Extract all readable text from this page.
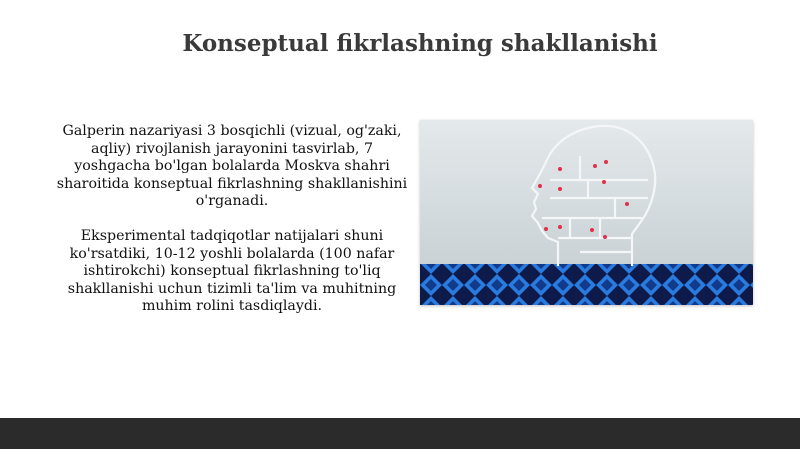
Konseptual fikrlashning shakllanishi

Galperin nazariyasi 3 bosqichli (vizual, og'zaki, aqliy) rivojlanish jarayonini tasvirlab, 7 yoshgacha bo'lgan bolalarda Moskva shahri sharoitida konseptual fikrlashning shakllanishini o'rganadi.

Eksperimental tadqiqotlar natijalari shuni ko'rsatdiki, 10-12 yoshli bolalarda (100 nafar ishtirokchi) konseptual fikrlashning to'liq shakllanishi uchun tizimli ta'lim va muhitning muhim rolini tasdiqlaydi.
